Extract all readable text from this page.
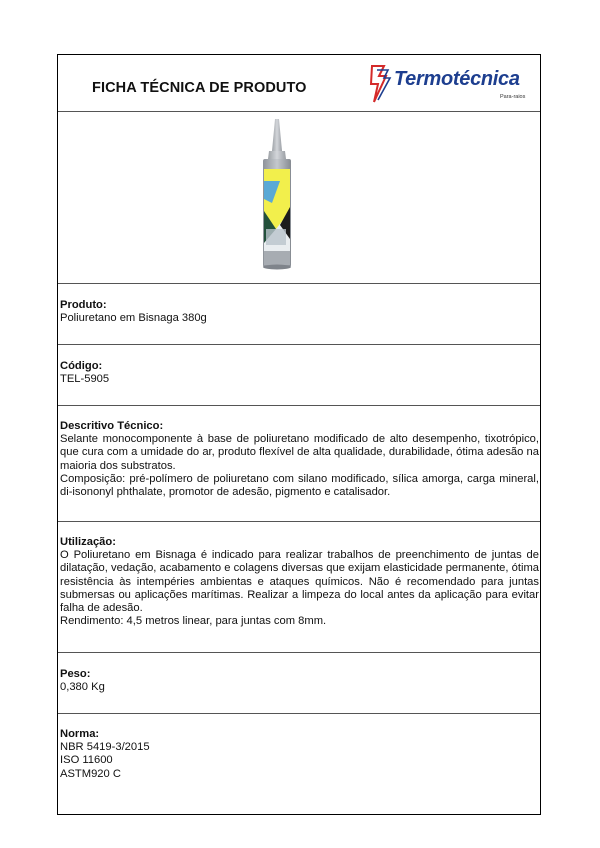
FICHA TÉCNICA DE PRODUTO	Termotécnica
Para-raios
Produto:
Poliuretano em Bisnaga 380g
Código:
TEL-5905
Descritivo Técnico:
Selante monocomponente à base de poliuretano modificado de alto desempenho, tixotrópico, que cura com a umidade do ar, produto flexível de alta qualidade, durabilidade, ótima adesão na maioria dos substratos.
Composição: pré-polímero de poliuretano com silano modificado, sílica amorga, carga mineral, di-isononyl phthalate, promotor de adesão, pigmento e catalisador.
Utilização:
O Poliuretano em Bisnaga é indicado para realizar trabalhos de preenchimento de juntas de dilatação, vedação, acabamento e colagens diversas que exijam elasticidade permanente, ótima resistência às intempéries ambientas e ataques químicos. Não é recomendado para juntas submersas ou aplicações marítimas. Realizar a limpeza do local antes da aplicação para evitar falha de adesão.
Rendimento: 4,5 metros linear, para juntas com 8mm.
Peso:
0,380 Kg
Norma:
NBR 5419-3/2015
ISO 11600
ASTM920 C
